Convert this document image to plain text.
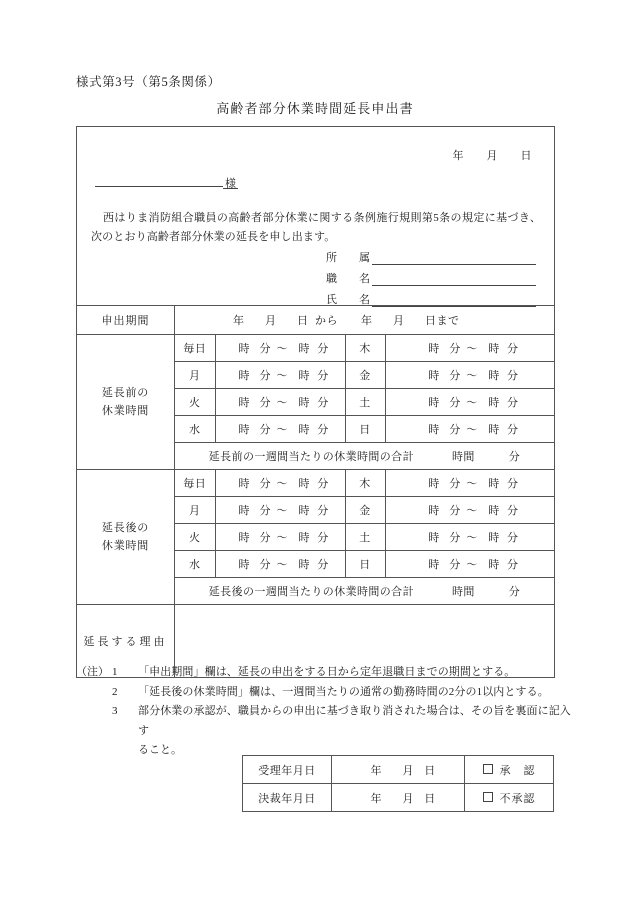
様式第3号（第5条関係）
高齢者部分休業時間延長申出書
年 月 日
様
西はりま消防組合職員の高齢者部分休業に関する条例施行規則第5条の規定に基づき、次のとおり高齢者部分休業の延長を申し出ます。
所 属
職 名
氏 名

申出期間	年 月 日 から 年 月 日まで

延長前の
休業時間

毎日	時 分 ～ 時 分	木	時 分 ～ 時 分
月	時 分 ～ 時 分	金	時 分 ～ 時 分
火	時 分 ～ 時 分	土	時 分 ～ 時 分
水	時 分 ～ 時 分	日	時 分 ～ 時 分
延長前の一週間当たりの休業時間の合計	時間	分

延長後の
休業時間

毎日	時 分 ～ 時 分	木	時 分 ～ 時 分
月	時 分 ～ 時 分	金	時 分 ～ 時 分
火	時 分 ～ 時 分	土	時 分 ～ 時 分
水	時 分 ～ 時 分	日	時 分 ～ 時 分
延長後の一週間当たりの休業時間の合計	時間	分

延長する理由	
（注） 1	「申出期間」欄は、延長の申出をする日から定年退職日までの期間とする。
2	「延長後の休業時間」欄は、一週間当たりの通常の勤務時間の2分の1以内とする。
3	部分休業の承認が、職員からの申出に基づき取り消された場合は、その旨を裏面に記入す
ること。
受理年月日	年 月 日	承　認
決裁年月日	年 月 日	不承認
